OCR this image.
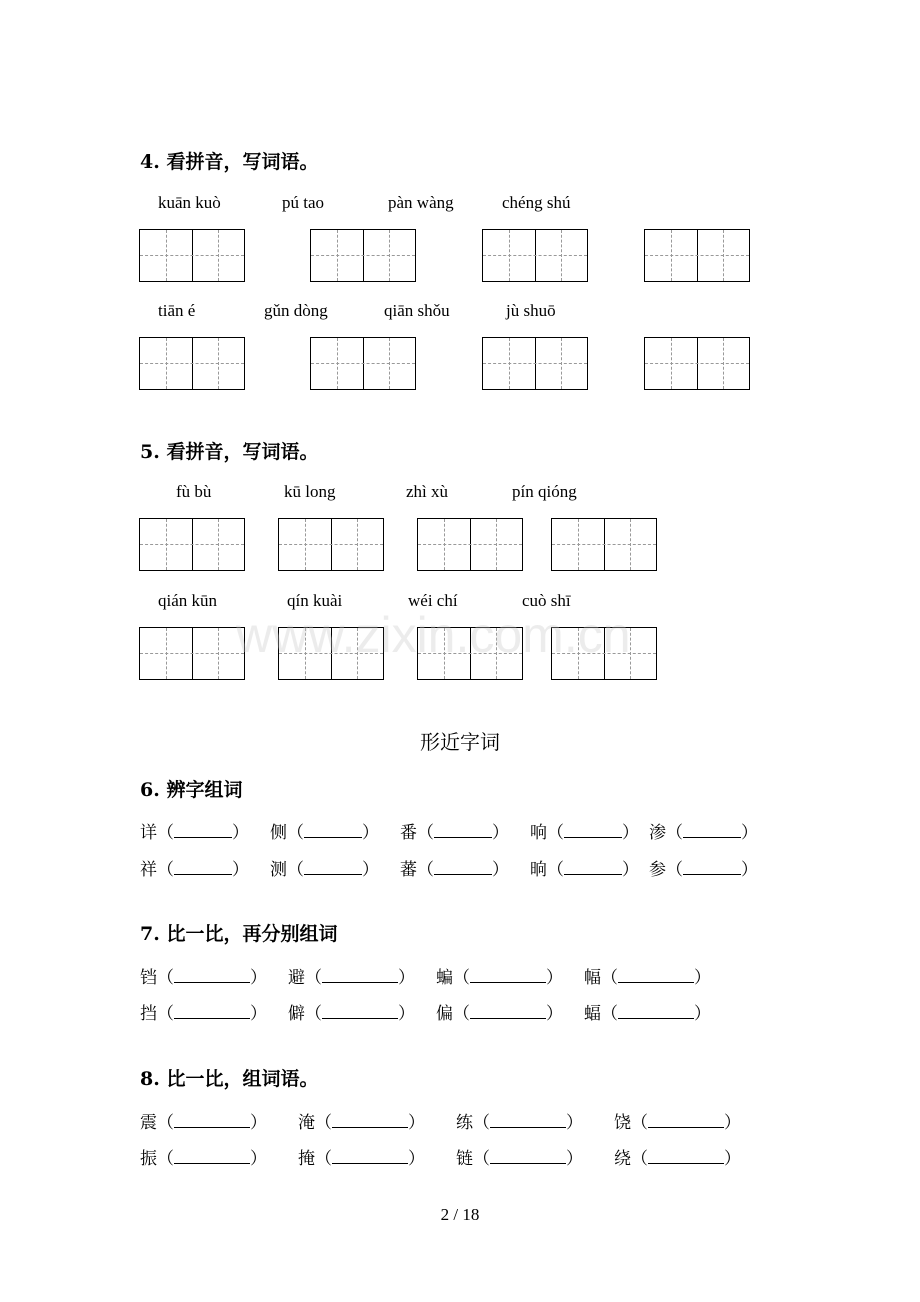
4. 看拼音，写词语。
kuān kuò	pú tao	pàn wàng	chéng shú
tiān é	gǔn dòng	qiān shǒu	jù shuō
5. 看拼音，写词语。
fù bù	kū long	zhì xù	pín qióng
qián kūn	qín kuài	wéi chí	cuò shī
www.zixin.com.cn
形近字词
6. 辨字组词
详（	）	侧（	）	番（	）	响（	） 渗（	）
祥（	）	测（	）	蕃（	）	晌（	） 参（	）
7. 比一比，再分别组词
铛（	）	避（	）	蝙（	）	幅（	）
挡（	）	僻（	）	偏（	）	蝠（	）
8. 比一比，组词语。
震（	）	淹（	）	练（	）	饶（	）
振（	）	掩（	）	链（	）	绕（	）
2 / 18
